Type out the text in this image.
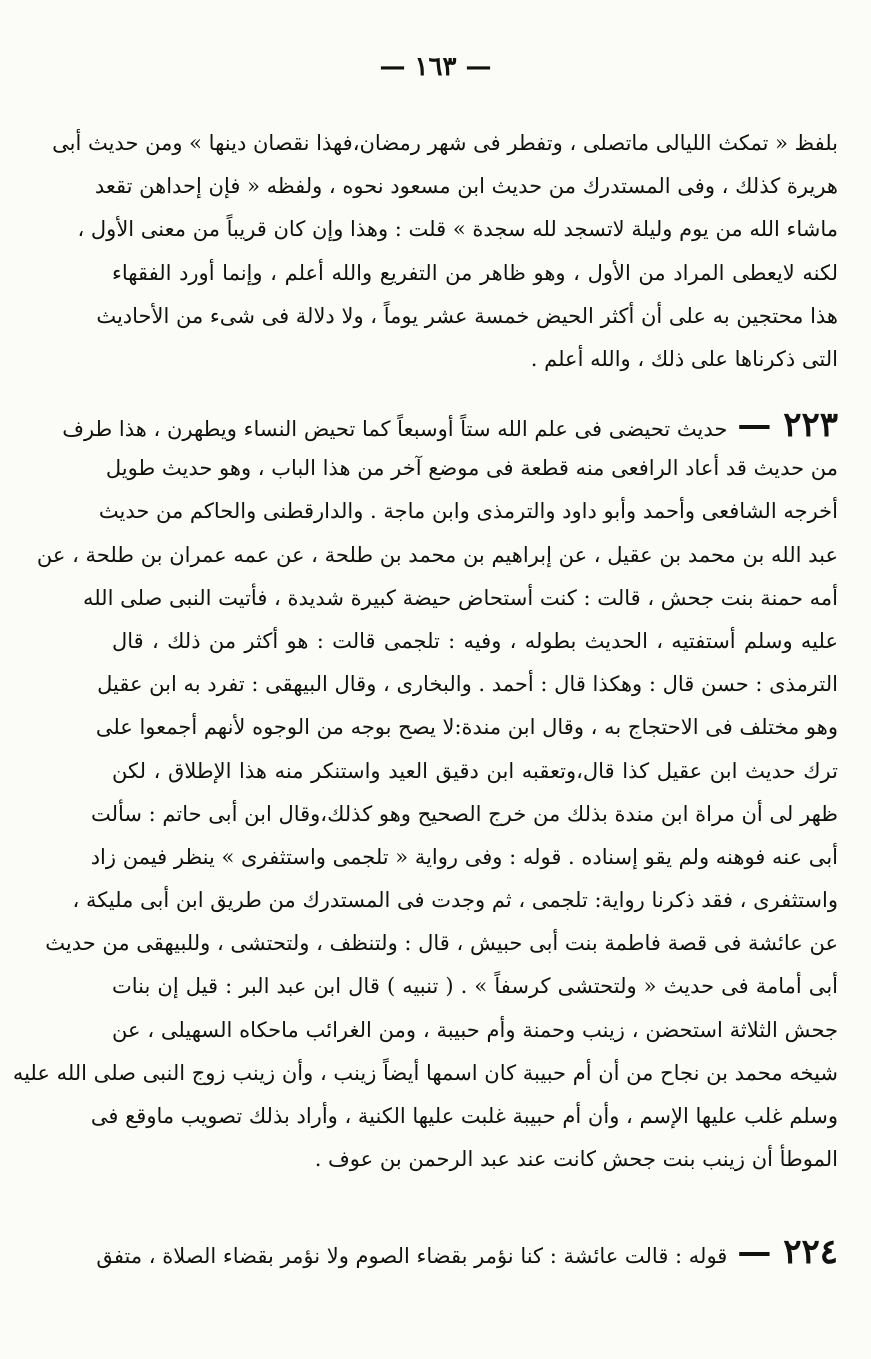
— ١٦٣ —
بلفظ « تمكث الليالى ماتصلى ، وتفطر فى شهر رمضان،فهذا نقصان دينها » ومن حديث أبى
هريرة كذلك ، وفى المستدرك من حديث ابن مسعود نحوه ، ولفظه « فإن إحداهن تقعد
ماشاء الله من يوم وليلة لاتسجد لله سجدة » قلت : وهذا وإن كان قريباً من معنى الأول ،
لكنه لايعطى المراد من الأول ، وهو ظاهر من التفريع والله أعلم ، وإنما أورد الفقهاء
هذا محتجين به على أن أكثر الحيض خمسة عشر يوماً ، ولا دلالة فى شىء من الأحاديث
التى ذكرناها على ذلك ، والله أعلم .
٢٢٣ —حديث تحيضى فى علم الله ستاً أوسبعاً كما تحيض النساء ويطهرن ، هذا طرف
من حديث قد أعاد الرافعى منه قطعة فى موضع آخر من هذا الباب ، وهو حديث طويل
أخرجه الشافعى وأحمد وأبو داود والترمذى وابن ماجة . والدارقطنى والحاكم من حديث
عبد الله بن محمد بن عقيل ، عن إبراهيم بن محمد بن طلحة ، عن عمه عمران بن طلحة ، عن
أمه حمنة بنت جحش ، قالت : كنت أستحاض حيضة كبيرة شديدة ، فأتيت النبى صلى الله
عليه وسلم أستفتيه ، الحديث بطوله ، وفيه : تلجمى قالت : هو أكثر من ذلك ، قال
الترمذى : حسن قال : وهكذا قال : أحمد . والبخارى ، وقال البيهقى : تفرد به ابن عقيل
وهو مختلف فى الاحتجاج به ، وقال ابن مندة:لا يصح بوجه من الوجوه لأنهم أجمعوا على
ترك حديث ابن عقيل كذا قال،وتعقبه ابن دقيق العيد واستنكر منه هذا الإطلاق ، لكن
ظهر لى أن مراة ابن مندة بذلك من خرج الصحيح وهو كذلك،وقال ابن أبى حاتم : سألت
أبى عنه فوهنه ولم يقو إسناده . قوله : وفى رواية « تلجمى واستثفرى » ينظر فيمن زاد
واستثفرى ، فقد ذكرنا رواية: تلجمى ، ثم وجدت فى المستدرك من طريق ابن أبى مليكة ،
عن عائشة فى قصة فاطمة بنت أبى حبيش ، قال : ولتنظف ، ولتحتشى ، وللبيهقى من حديث
أبى أمامة فى حديث « ولتحتشى كرسفاً » . ( تنبيه ) قال ابن عبد البر : قيل إن بنات
جحش الثلاثة استحضن ، زينب وحمنة وأم حبيبة ، ومن الغرائب ماحكاه السهيلى ، عن
شيخه محمد بن نجاح من أن أم حبيبة كان اسمها أيضاً زينب ، وأن زينب زوج النبى صلى الله عليه
وسلم غلب عليها الإسم ، وأن أم حبيبة غلبت عليها الكنية ، وأراد بذلك تصويب ماوقع فى
الموطأ أن زينب بنت جحش كانت عند عبد الرحمن بن عوف .
٢٢٤ —قوله : قالت عائشة : كنا نؤمر بقضاء الصوم ولا نؤمر بقضاء الصلاة ، متفق
